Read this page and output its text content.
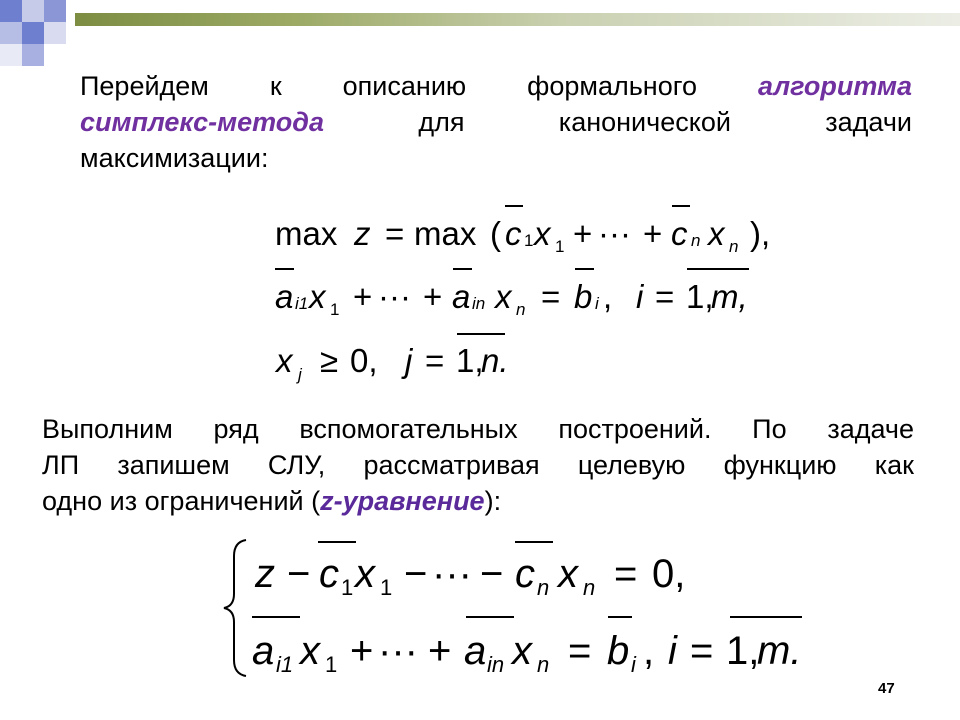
Перейдем к описанию формального алгоритма
симплекс-метода	для канонической задачи
максимизации:
max z = max ( c 1 x 1 + ··· + c n x n ),
a i1 x 1 + ··· + a in x n = b i , i = 1,
m,
x j ≥ 0, j = 1,
n.
Выполним ряд вспомогательных построений. По задаче
ЛП запишем СЛУ, рассматривая целевую функцию как
одно из ограничений (z-уравнение):
z − c 1 x 1 − ··· − c n x n = 0,
a i1 x 1 + ··· + a in x n = b i , i = 1,
m.
47
